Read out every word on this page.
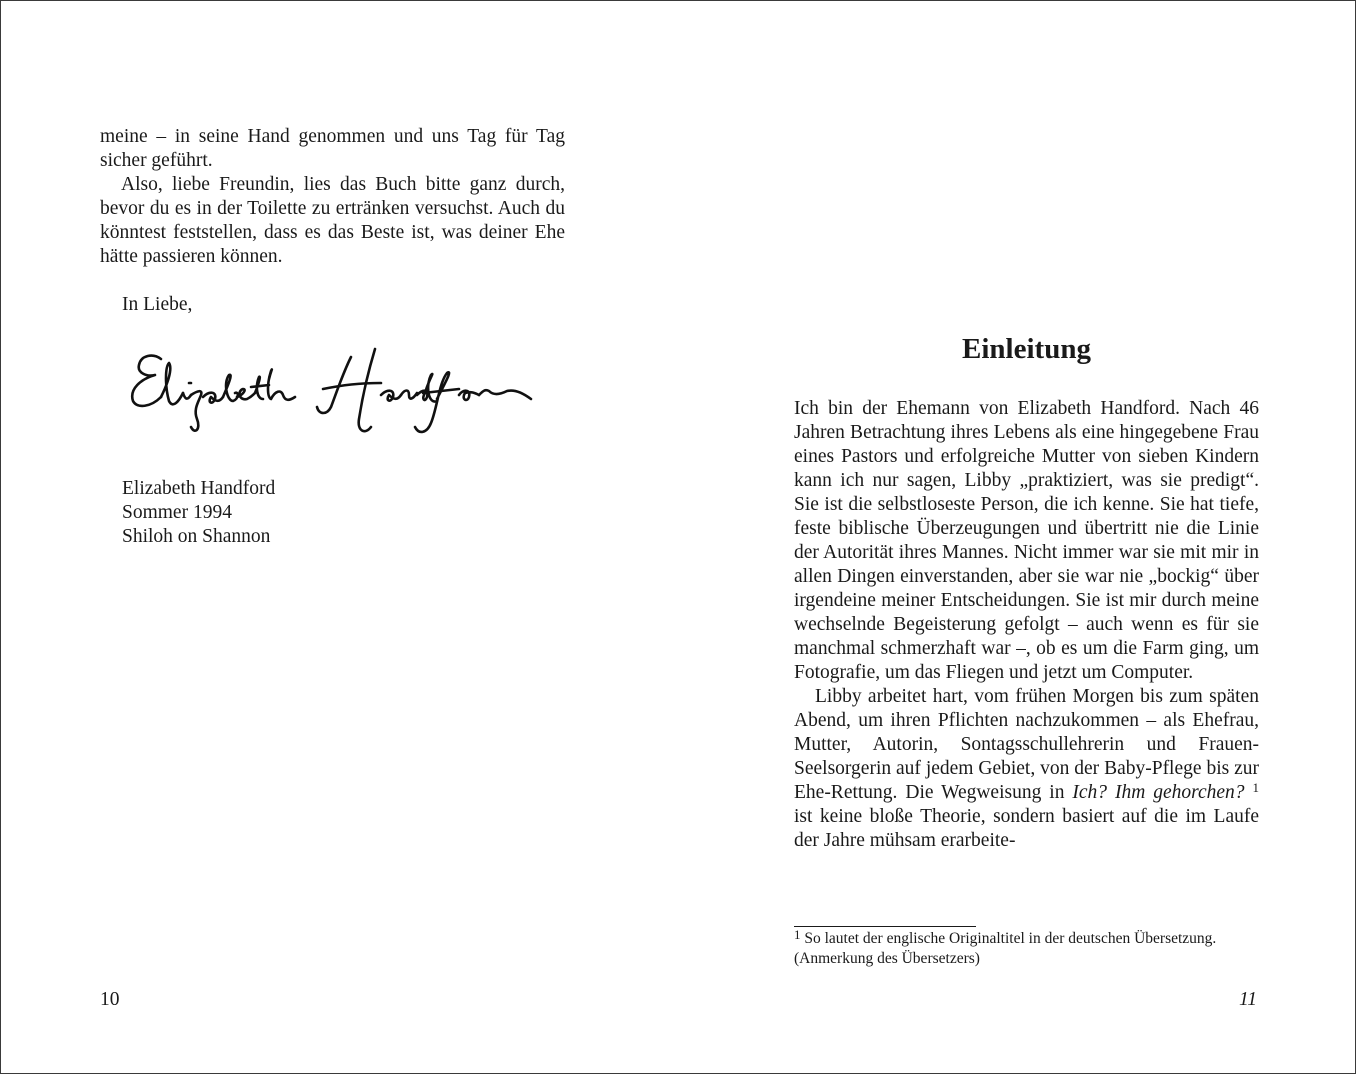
meine – in seine Hand genommen und uns Tag für Tag sicher geführt.

Also, liebe Freundin, lies das Buch bitte ganz durch, bevor du es in der Toilette zu ertränken versuchst. Auch du könntest feststellen, dass es das Beste ist, was deiner Ehe hätte passieren können.

In Liebe,
Elizabeth Handford
Sommer 1994
Shiloh on Shannon
10
Einleitung

Ich bin der Ehemann von Elizabeth Handford. Nach 46 Jahren Betrachtung ihres Lebens als eine hingegebene Frau eines Pastors und erfolgreiche Mutter von sieben Kindern kann ich nur sagen, Libby „praktiziert, was sie predigt“. Sie ist die selbstloseste Person, die ich kenne. Sie hat tiefe, feste biblische Überzeugungen und übertritt nie die Linie der Autorität ihres Mannes. Nicht immer war sie mit mir in allen Dingen einverstanden, aber sie war nie „bockig“ über irgendeine meiner Entscheidungen. Sie ist mir durch meine wechselnde Begeisterung gefolgt – auch wenn es für sie manchmal schmerzhaft war –, ob es um die Farm ging, um Fotografie, um das Fliegen und jetzt um Computer.

Libby arbeitet hart, vom frühen Morgen bis zum späten Abend, um ihren Pflichten nachzukommen – als Ehefrau, Mutter, Autorin, Sontagsschullehrerin und Frauen-Seelsorgerin auf jedem Gebiet, von der Baby-Pflege bis zur Ehe-Rettung. Die Wegweisung in Ich? Ihm gehorchen? $^1$ ist keine bloße Theorie, sondern basiert auf die im Laufe der Jahre mühsam erarbeite-

$^1$ So lautet der englische Originaltitel in der deutschen Übersetzung. (Anmerkung des Übersetzers)
11
